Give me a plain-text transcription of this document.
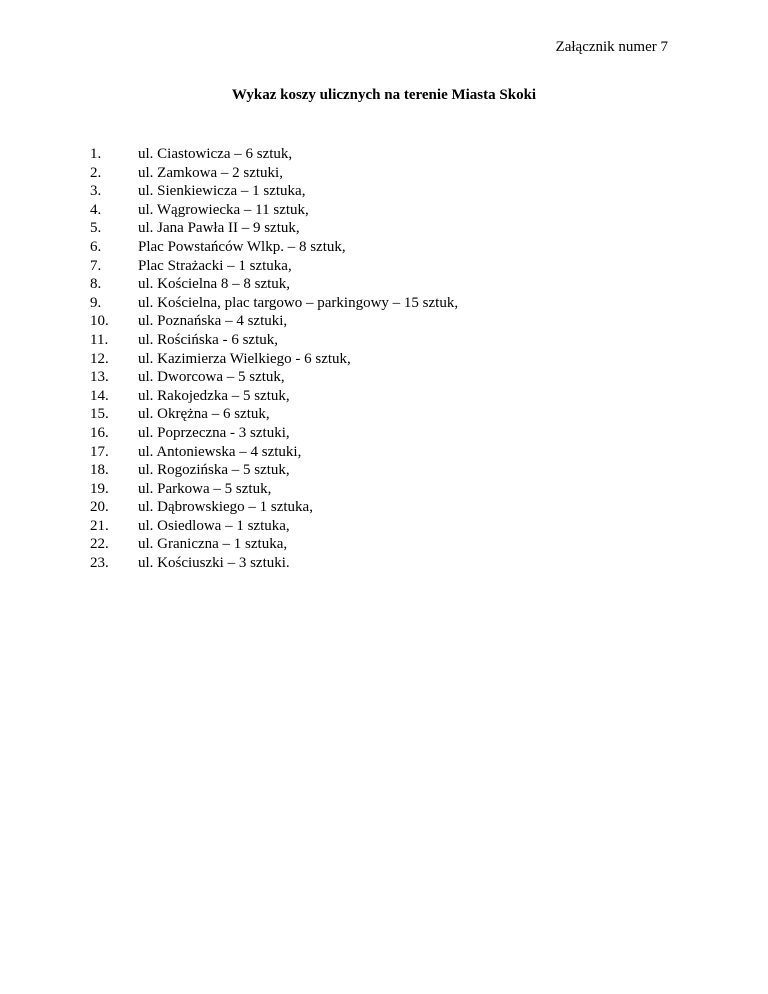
Załącznik numer 7
Wykaz koszy ulicznych na terenie Miasta Skoki
1.	ul. Ciastowicza – 6 sztuk,
2.	ul. Zamkowa – 2 sztuki,
3.	ul. Sienkiewicza – 1 sztuka,
4.	ul. Wągrowiecka – 11 sztuk,
5.	ul. Jana Pawła II – 9 sztuk,
6.	Plac Powstańców Wlkp. – 8 sztuk,
7.	Plac Strażacki – 1 sztuka,
8.	ul. Kościelna 8 – 8 sztuk,
9.	ul. Kościelna, plac targowo – parkingowy – 15 sztuk,
10.	ul. Poznańska – 4 sztuki,
11.	ul. Rościńska - 6 sztuk,
12.	ul. Kazimierza Wielkiego - 6 sztuk,
13.	ul. Dworcowa – 5 sztuk,
14.	ul. Rakojedzka – 5 sztuk,
15.	ul. Okrężna – 6 sztuk,
16.	ul. Poprzeczna - 3 sztuki,
17.	ul. Antoniewska – 4 sztuki,
18.	ul. Rogozińska – 5 sztuk,
19.	ul. Parkowa – 5 sztuk,
20.	ul. Dąbrowskiego – 1 sztuka,
21.	ul. Osiedlowa – 1 sztuka,
22.	ul. Graniczna – 1 sztuka,
23.	ul. Kościuszki – 3 sztuki.
